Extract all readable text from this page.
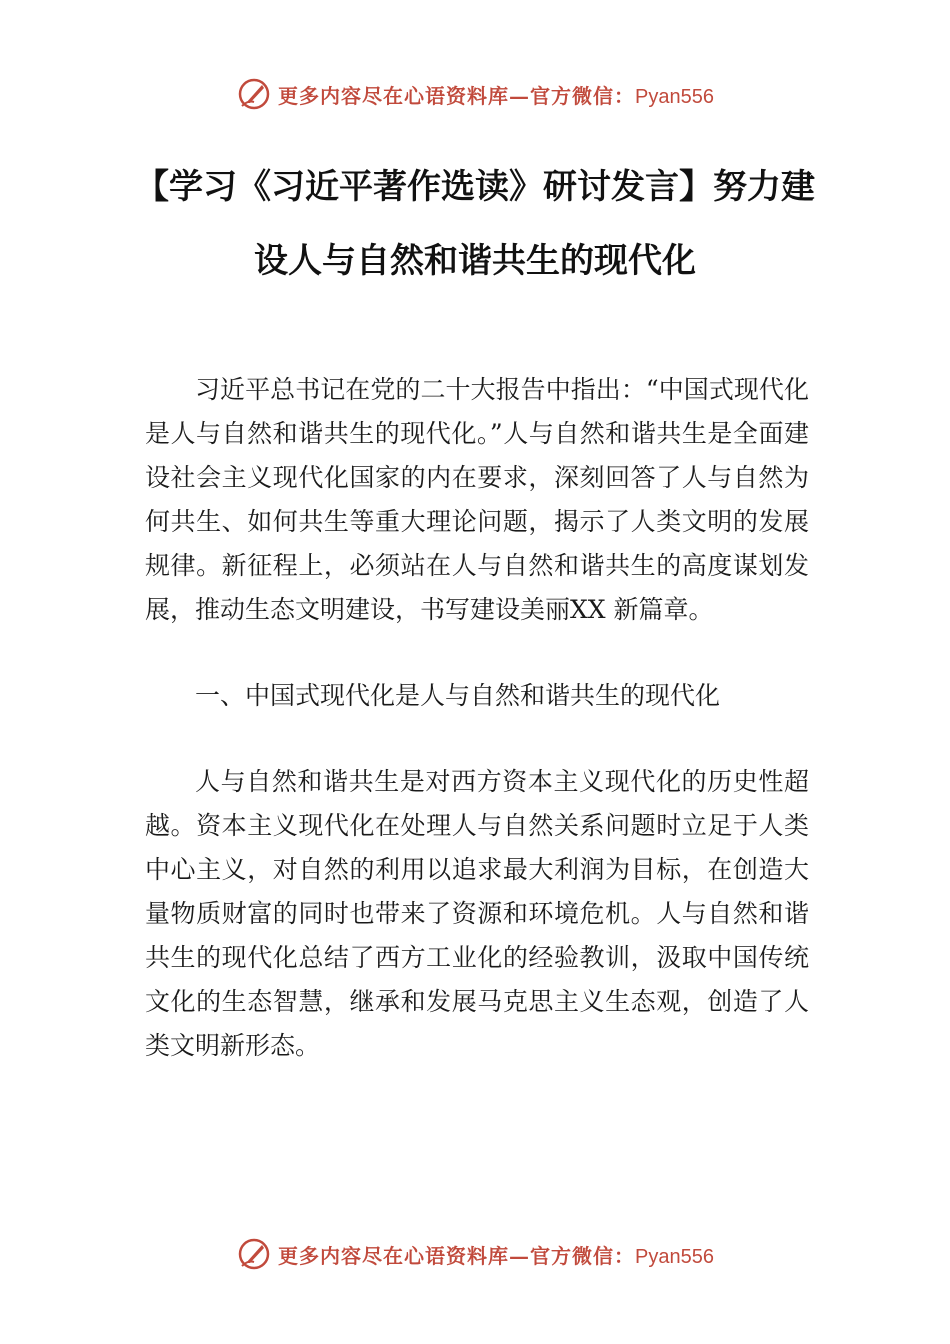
更多内容尽在心语资料库—官方微信：Pyan556
【学习《习近平著作选读》研讨发言】努力建设人与自然和谐共生的现代化

习近平总书记在党的二十大报告中指出：“中国式现代化是人与自然和谐共生的现代化。”人与自然和谐共生是全面建设社会主义现代化国家的内在要求，深刻回答了人与自然为何共生、如何共生等重大理论问题，揭示了人类文明的发展规律。新征程上，必须站在人与自然和谐共生的高度谋划发展，推动生态文明建设，书写建设美丽XX 新篇章。

一、中国式现代化是人与自然和谐共生的现代化

人与自然和谐共生是对西方资本主义现代化的历史性超越。资本主义现代化在处理人与自然关系问题时立足于人类中心主义，对自然的利用以追求最大利润为目标，在创造大量物质财富的同时也带来了资源和环境危机。人与自然和谐共生的现代化总结了西方工业化的经验教训，汲取中国传统文化的生态智慧，继承和发展马克思主义生态观，创造了人类文明新形态。

更多内容尽在心语资料库—官方微信：Pyan556
